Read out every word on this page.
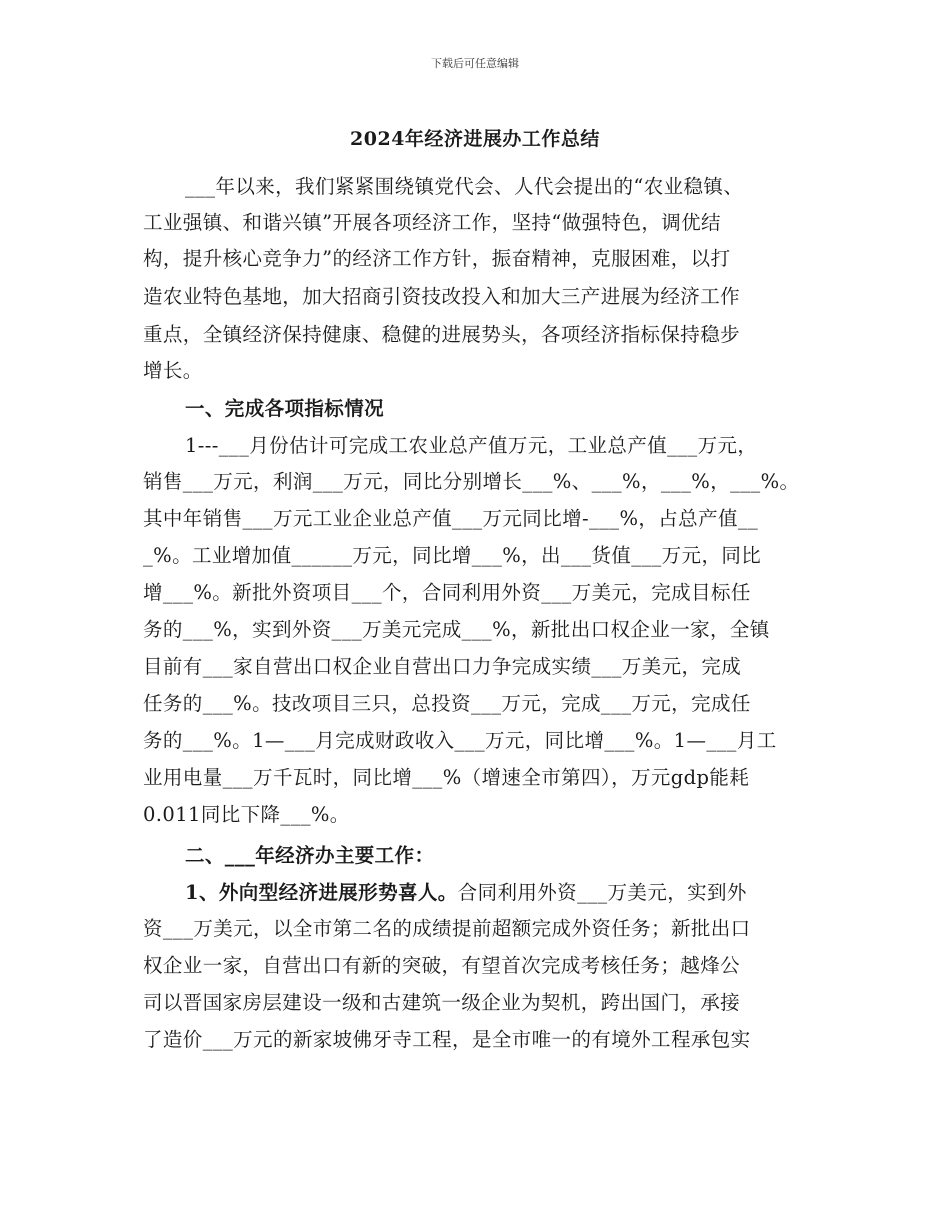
下载后可任意编辑
2024年经济进展办工作总结
___年以来，我们紧紧围绕镇党代会、人代会提出的“农业稳镇、
工业强镇、和谐兴镇”开展各项经济工作，坚持“做强特色，调优结
构，提升核心竞争力”的经济工作方针，振奋精神，克服困难，以打
造农业特色基地，加大招商引资技改投入和加大三产进展为经济工作
重点，全镇经济保持健康、稳健的进展势头，各项经济指标保持稳步
增长。
一、完成各项指标情况
1---___月份估计可完成工农业总产值万元，工业总产值___万元，
销售___万元，利润___万元，同比分别增长___%、___%，___%，___%。
其中年销售___万元工业企业总产值___万元同比增-___%，占总产值__
_%。工业增加值______万元，同比增___%，出___货值___万元，同比
增___%。新批外资项目___个，合同利用外资___万美元，完成目标任
务的___%，实到外资___万美元完成___%，新批出口权企业一家，全镇
目前有___家自营出口权企业自营出口力争完成实绩___万美元，完成
任务的___%。技改项目三只，总投资___万元，完成___万元，完成任
务的___%。1—___月完成财政收入___万元，同比增___%。1—___月工
业用电量___万千瓦时，同比增___%（增速全市第四），万元gdp能耗
0.011同比下降___%。
二、___年经济办主要工作：
1、外向型经济进展形势喜人。合同利用外资___万美元，实到外
资___万美元，以全市第二名的成绩提前超额完成外资任务；新批出口
权企业一家，自营出口有新的突破，有望首次完成考核任务；越烽公
司以晋国家房层建设一级和古建筑一级企业为契机，跨出国门，承接
了造价___万元的新家坡佛牙寺工程，是全市唯一的有境外工程承包实
